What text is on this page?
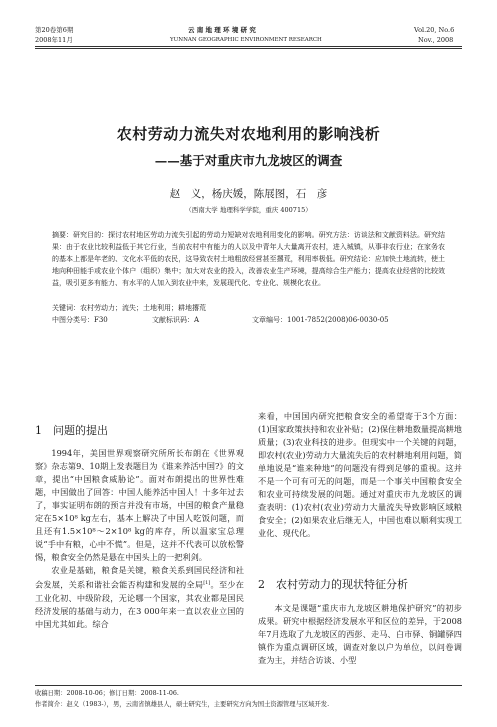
第20卷第6期
2008年11月
云 南 地 理 环 境 研 究
YUNNAN GEOGRAPHIC ENVIRONMENT RESEARCH
Vol.20, No.6
Nov., 2008
农村劳动力流失对农地利用的影响浅析
——基于对重庆市九龙坡区的调查
赵　义，杨庆媛，陈展图，石　彦
（西南大学 地理科学学院，重庆 400715）
摘要：研究目的：探讨农村地区劳动力流失引起的劳动力短缺对农地利用变化的影响。研究方法：访谈法和文献资料法。研究结果：由于农业比较利益低于其它行业，当前农村中有能力的人以及中青年人大量离开农村，进入城镇，从事非农行业；在家务农的基本上都是年老的、文化水平低的农民，这导致农村土地粗放经营甚至撂荒，利用率极低。研究结论：应加快土地流转，使土地向种田能手或农业个体户（组织）集中；加大对农业的投入，改善农业生产环境，提高综合生产能力；提高农业经营的比较效益，吸引更多有能力、有水平的人加入到农业中来，发展现代化、专业化、规模化农业。
关键词：农村劳动力；流失；土地利用；耕地撂荒
中图分类号：F30	文献标识码：A	文章编号：1001-7852(2008)06-0030-05
1　问题的提出

1994年，美国世界观察研究所所长布朗在《世界观察》杂志第9、10期上发表题目为《谁来养活中国?》的文章，提出“中国粮食威胁论”。面对布朗提出的世界性难题，中国做出了回答：中国人能养活中国人！十多年过去了，事实证明布朗的预言并没有市场，中国的粮食产量稳定在5×10⁸ kg左右，基本上解决了中国人吃饭问题，而且还有1.5×10⁸～2×10⁸ kg的库存，所以温家宝总理说“手中有粮，心中不慌”。但是，这并不代表可以放松警惕，粮食安全仍然是悬在中国头上的一把利剑。

农业是基础，粮食是关键，粮食关系到国民经济和社会发展，关系和谐社会能否构建和发展的全局[1]。至少在工业化初、中级阶段，无论哪一个国家，其农业都是国民经济发展的基础与动力，在3 000年来一直以农业立国的中国尤其如此。综合

来看，中国国内研究把粮食安全的希望寄于3个方面：(1)国家政策扶持和农业补贴；(2)保住耕地数量提高耕地质量；(3)农业科技的进步。但现实中一个关键的问题，即农村(农业)劳动力大量流失后的农村耕地利用问题，简单地说是“谁来种地”的问题没有得到足够的重视。这并不是一个可有可无的问题，而是一个事关中国粮食安全和农业可持续发展的问题。通过对重庆市九龙坡区的调查表明：(1)农村(农业)劳动力大量流失导致影响区域粮食安全；(2)如果农业后继无人，中国也难以顺利实现工业化、现代化。

2　农村劳动力的现状特征分析

本文是课题“重庆市九龙坡区耕地保护研究”的初步成果。研究中根据经济发展水平和区位的差异，于2008年7月选取了九龙坡区的西彭、走马、白市驿、铜罐驿四镇作为重点调研区域，调查对象以户为单位，以问卷调查为主，并结合访谈、小型

收稿日期：2008-10-06；修订日期：2008-11-06.
作者简介：赵义（1983-），男，云南省镇雄县人，硕士研究生，主要研究方向为国土资源管理与区域开发.
